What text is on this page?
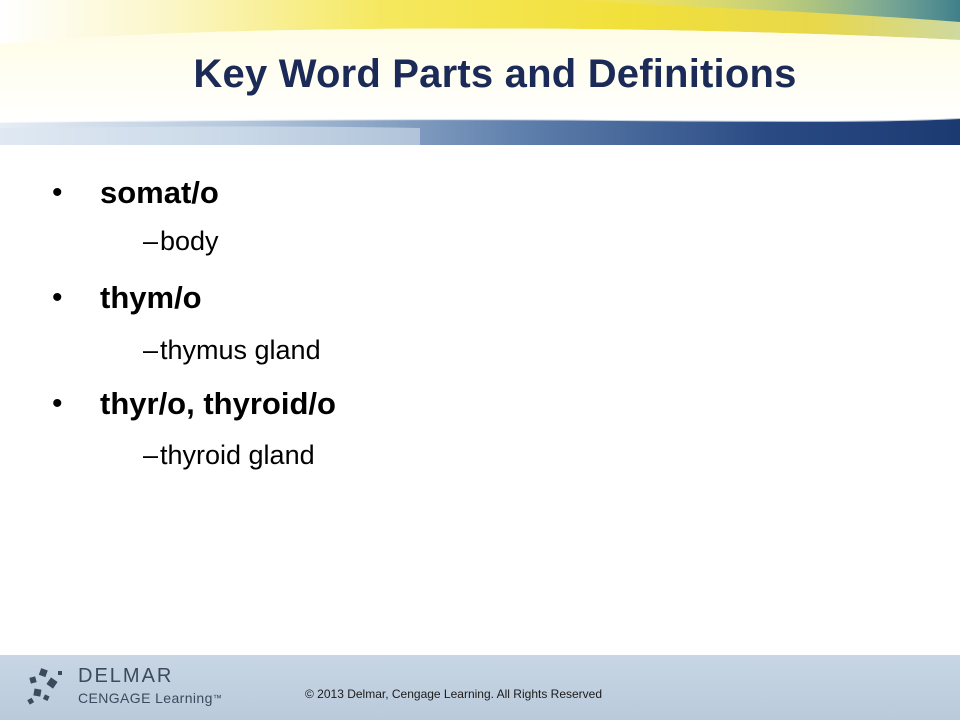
Key Word Parts and Definitions
• somat/o
– body
• thym/o
– thymus gland
• thyr/o, thyroid/o
– thyroid gland
DELMAR
CENGAGE Learning™	© 2013 Delmar, Cengage Learning. All Rights Reserved
